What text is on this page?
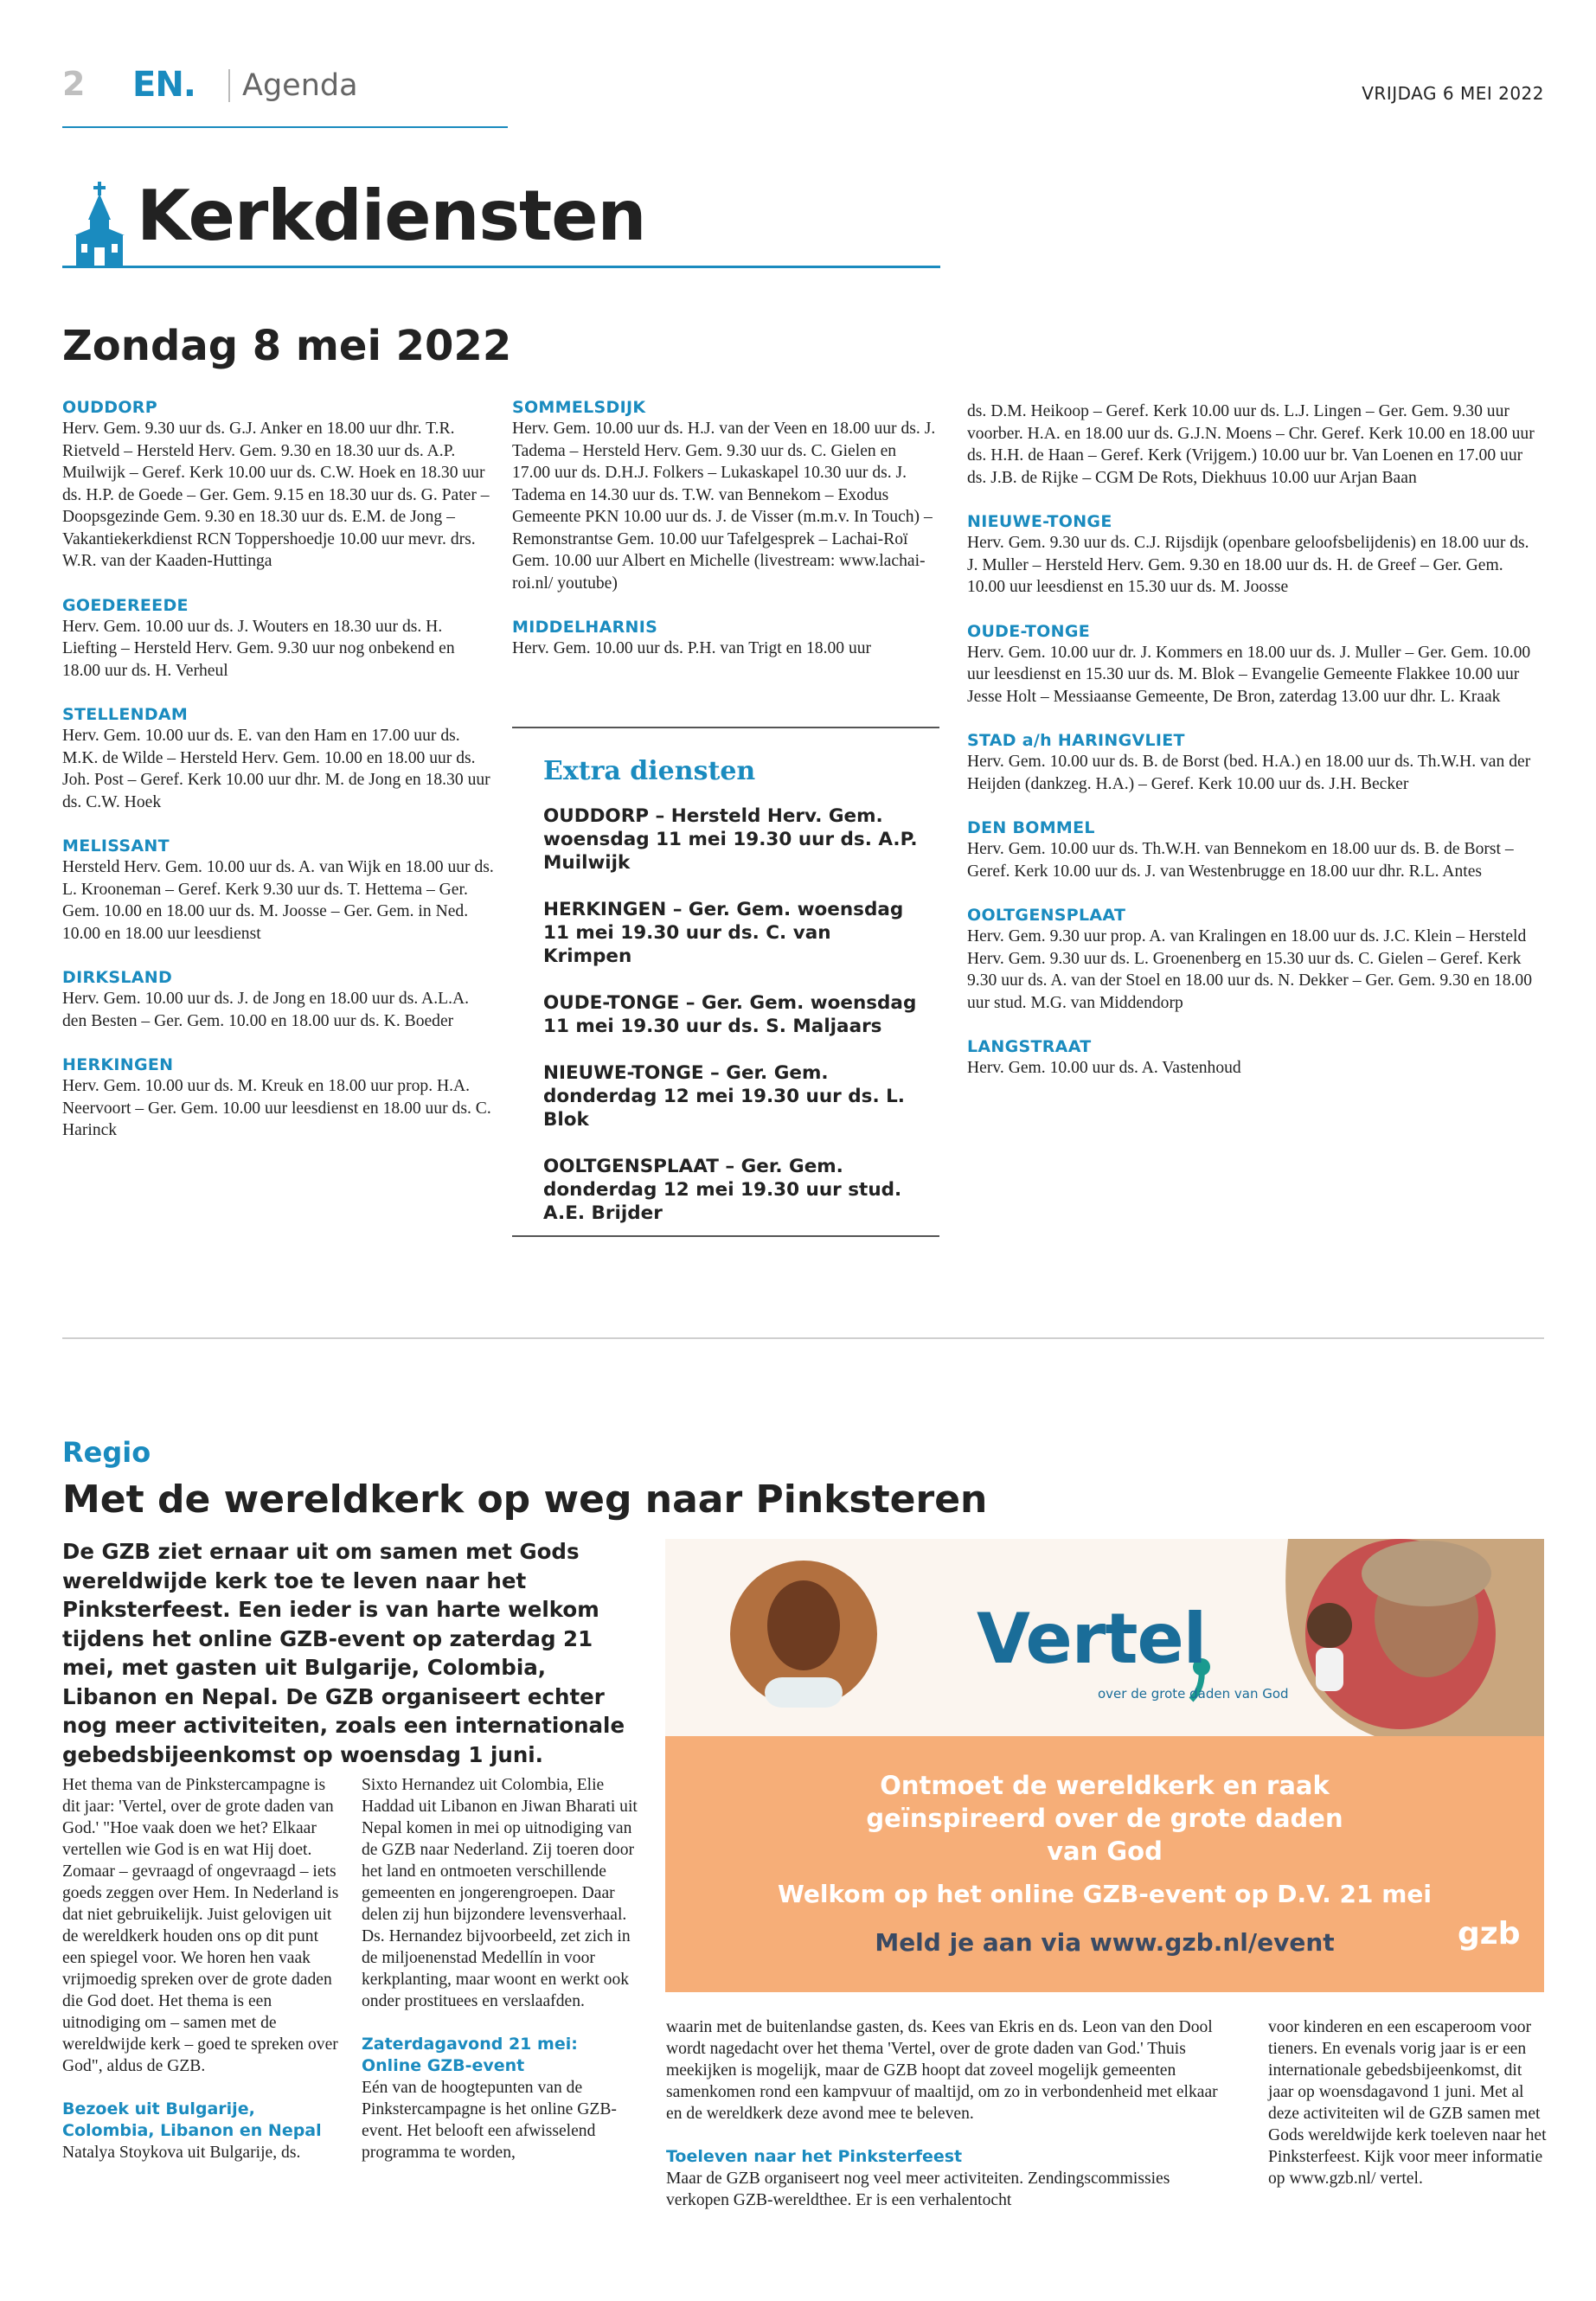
2 EN. Agenda	VRIJDAG 6 MEI 2022
Kerkdiensten
Zondag 8 mei 2022
OUDDORP
Herv. Gem. 9.30 uur ds. G.J. Anker en 18.00 uur dhr. T.R. Rietveld – Hersteld Herv. Gem. 9.30 en 18.30 uur ds. A.P. Muilwijk – Geref. Kerk 10.00 uur ds. C.W. Hoek en 18.30 uur ds. H.P. de Goede – Ger. Gem. 9.15 en 18.30 uur ds. G. Pater – Doopsgezinde Gem. 9.30 en 18.30 uur ds. E.M. de Jong – Vakantiekerkdienst RCN Toppershoedje 10.00 uur mevr. drs. W.R. van der Kaaden-Huttinga
GOEDEREEDE
Herv. Gem. 10.00 uur ds. J. Wouters en 18.30 uur ds. H. Liefting – Hersteld Herv. Gem. 9.30 uur nog onbekend en 18.00 uur ds. H. Verheul
STELLENDAM
Herv. Gem. 10.00 uur ds. E. van den Ham en 17.00 uur ds. M.K. de Wilde – Hersteld Herv. Gem. 10.00 en 18.00 uur ds. Joh. Post – Geref. Kerk 10.00 uur dhr. M. de Jong en 18.30 uur ds. C.W. Hoek
MELISSANT
Hersteld Herv. Gem. 10.00 uur ds. A. van Wijk en 18.00 uur ds. L. Krooneman – Geref. Kerk 9.30 uur ds. T. Hettema – Ger. Gem. 10.00 en 18.00 uur ds. M. Joosse – Ger. Gem. in Ned. 10.00 en 18.00 uur leesdienst
DIRKSLAND
Herv. Gem. 10.00 uur ds. J. de Jong en 18.00 uur ds. A.L.A. den Besten – Ger. Gem. 10.00 en 18.00 uur ds. K. Boeder
HERKINGEN
Herv. Gem. 10.00 uur ds. M. Kreuk en 18.00 uur prop. H.A. Neervoort – Ger. Gem. 10.00 uur leesdienst en 18.00 uur ds. C. Harinck
SOMMELSDIJK
Herv. Gem. 10.00 uur ds. H.J. van der Veen en 18.00 uur ds. J. Tadema – Hersteld Herv. Gem. 9.30 uur ds. C. Gielen en 17.00 uur ds. D.H.J. Folkers – Lukaskapel 10.30 uur ds. J. Tadema en 14.30 uur ds. T.W. van Bennekom – Exodus Gemeente PKN 10.00 uur ds. J. de Visser (m.m.v. In Touch) – Remonstrantse Gem. 10.00 uur Tafelgesprek – Lachai-Roï Gem. 10.00 uur Albert en Michelle (livestream: www.lachai-roi.nl/ youtube)
MIDDELHARNIS
Herv. Gem. 10.00 uur ds. P.H. van Trigt en 18.00 uur
Extra diensten
OUDDORP – Hersteld Herv. Gem. woensdag 11 mei 19.30 uur ds. A.P. Muilwijk
HERKINGEN – Ger. Gem. woensdag 11 mei 19.30 uur ds. C. van Krimpen
OUDE-TONGE – Ger. Gem. woensdag 11 mei 19.30 uur ds. S. Maljaars
NIEUWE-TONGE – Ger. Gem. donderdag 12 mei 19.30 uur ds. L. Blok
OOLTGENSPLAAT – Ger. Gem. donderdag 12 mei 19.30 uur stud. A.E. Brijder
ds. D.M. Heikoop – Geref. Kerk 10.00 uur ds. L.J. Lingen – Ger. Gem. 9.30 uur voorber. H.A. en 18.00 uur ds. G.J.N. Moens – Chr. Geref. Kerk 10.00 en 18.00 uur ds. H.H. de Haan – Geref. Kerk (Vrijgem.) 10.00 uur br. Van Loenen en 17.00 uur ds. J.B. de Rijke – CGM De Rots, Diekhuus 10.00 uur Arjan Baan
NIEUWE-TONGE
Herv. Gem. 9.30 uur ds. C.J. Rijsdijk (openbare geloofsbelijdenis) en 18.00 uur ds. J. Muller – Hersteld Herv. Gem. 9.30 en 18.00 uur ds. H. de Greef – Ger. Gem. 10.00 uur leesdienst en 15.30 uur ds. M. Joosse
OUDE-TONGE
Herv. Gem. 10.00 uur dr. J. Kommers en 18.00 uur ds. J. Muller – Ger. Gem. 10.00 uur leesdienst en 15.30 uur ds. M. Blok – Evangelie Gemeente Flakkee 10.00 uur Jesse Holt – Messiaanse Gemeente, De Bron, zaterdag 13.00 uur dhr. L. Kraak
STAD a/h HARINGVLIET
Herv. Gem. 10.00 uur ds. B. de Borst (bed. H.A.) en 18.00 uur ds. Th.W.H. van der Heijden (dankzeg. H.A.) – Geref. Kerk 10.00 uur ds. J.H. Becker
DEN BOMMEL
Herv. Gem. 10.00 uur ds. Th.W.H. van Bennekom en 18.00 uur ds. B. de Borst – Geref. Kerk 10.00 uur ds. J. van Westenbrugge en 18.00 uur dhr. R.L. Antes
OOLTGENSPLAAT
Herv. Gem. 9.30 uur prop. A. van Kralingen en 18.00 uur ds. J.C. Klein – Hersteld Herv. Gem. 9.30 uur ds. L. Groenenberg en 15.30 uur ds. C. Gielen – Geref. Kerk 9.30 uur ds. A. van der Stoel en 18.00 uur ds. N. Dekker – Ger. Gem. 9.30 en 18.00 uur stud. M.G. van Middendorp
LANGSTRAAT
Herv. Gem. 10.00 uur ds. A. Vastenhoud
Regio
Met de wereldkerk op weg naar Pinksteren
De GZB ziet ernaar uit om samen met Gods wereldwijde kerk toe te leven naar het Pinksterfeest. Een ieder is van harte welkom tijdens het online GZB-event op zaterdag 21 mei, met gasten uit Bulgarije, Colombia, Libanon en Nepal. De GZB organiseert echter nog meer activiteiten, zoals een internationale gebedsbijeenkomst op woensdag 1 juni.
Het thema van de Pinkstercampagne is dit jaar: 'Vertel, over de grote daden van God.' "Hoe vaak doen we het? Elkaar vertellen wie God is en wat Hij doet. Zomaar – gevraagd of ongevraagd – iets goeds zeggen over Hem. In Nederland is dat niet gebruikelijk. Juist gelovigen uit de wereldkerk houden ons op dit punt een spiegel voor. We horen hen vaak vrijmoedig spreken over de grote daden die God doet. Het thema is een uitnodiging om – samen met de wereldwijde kerk – goed te spreken over God", aldus de GZB.
Bezoek uit Bulgarije, Colombia, Libanon en Nepal
Natalya Stoykova uit Bulgarije, ds.
Sixto Hernandez uit Colombia, Elie Haddad uit Libanon en Jiwan Bharati uit Nepal komen in mei op uitnodiging van de GZB naar Nederland. Zij toeren door het land en ontmoeten verschillende gemeenten en jongerengroepen. Daar delen zij hun bijzondere levensverhaal. Ds. Hernandez bijvoorbeeld, zet zich in de miljoenenstad Medellín in voor kerkplanting, maar woont en werkt ook onder prostituees en verslaafden.
Zaterdagavond 21 mei: Online GZB-event
Eén van de hoogtepunten van de Pinkstercampagne is het online GZB-event. Het belooft een afwisselend programma te worden,
waarin met de buitenlandse gasten, ds. Kees van Ekris en ds. Leon van den Dool wordt nagedacht over het thema 'Vertel, over de grote daden van God.' Thuis meekijken is mogelijk, maar de GZB hoopt dat zoveel mogelijk gemeenten samenkomen rond een kampvuur of maaltijd, om zo in verbondenheid met elkaar en de wereldkerk deze avond mee te beleven.
Toeleven naar het Pinksterfeest
Maar de GZB organiseert nog veel meer activiteiten. Zendingscommissies verkopen GZB-wereldthee. Er is een verhalentocht
voor kinderen en een escaperoom voor tieners. En evenals vorig jaar is er een internationale gebedsbijeenkomst, dit jaar op woensdagavond 1 juni. Met al deze activiteiten wil de GZB samen met Gods wereldwijde kerk toeleven naar het Pinksterfeest. Kijk voor meer informatie op www.gzb.nl/ vertel.
Vertel
over de grote daden van God
Ontmoet de wereldkerk en raak geïnspireerd over de grote daden van God
Welkom op het online GZB-event op D.V. 21 mei
Meld je aan via www.gzb.nl/event	gzb
